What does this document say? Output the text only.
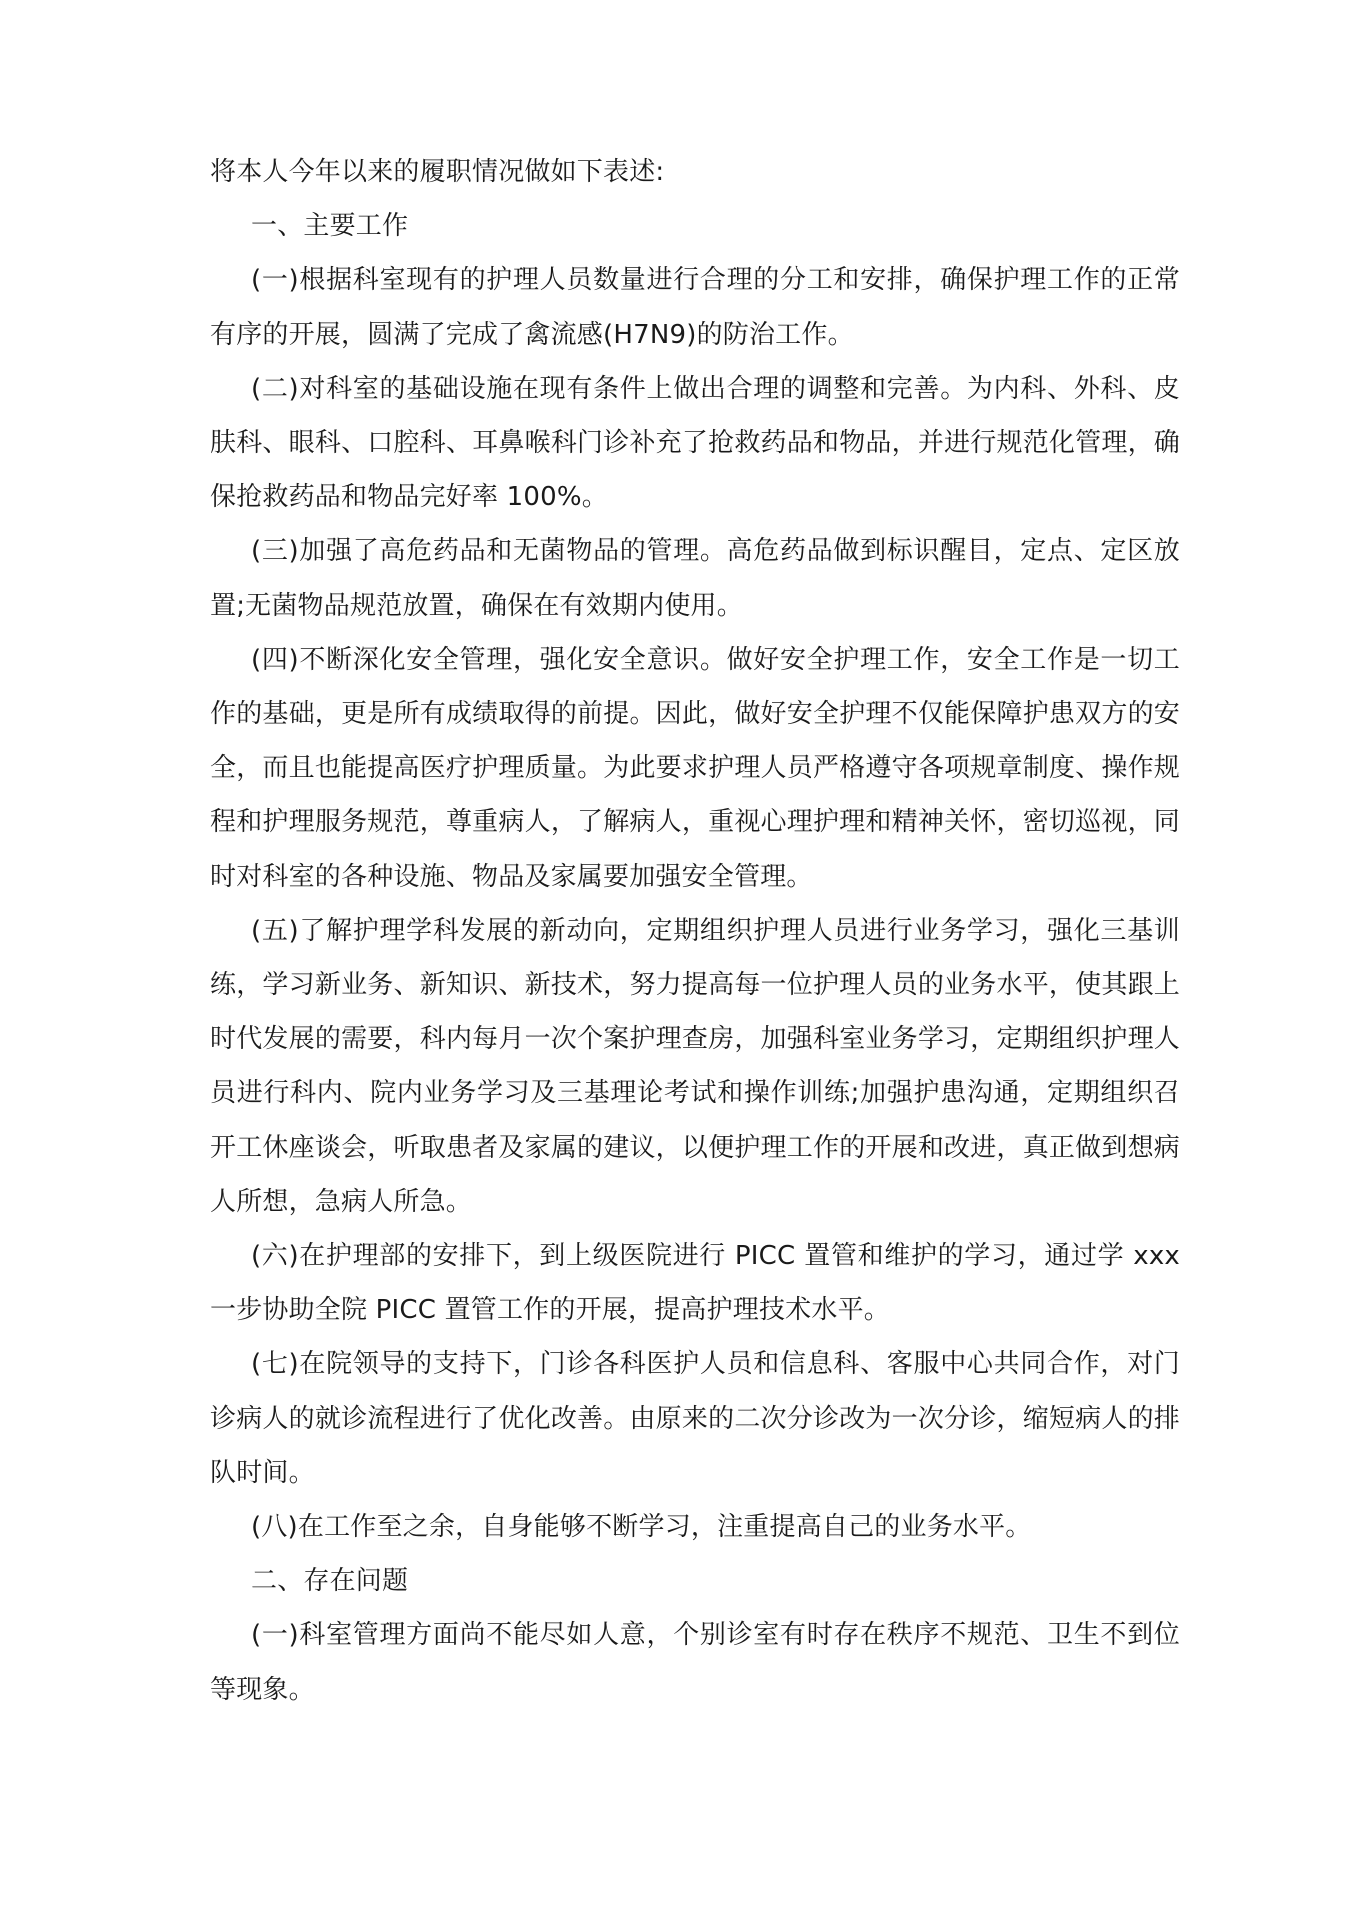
将本人今年以来的履职情况做如下表述:

一、主要工作

(一)根据科室现有的护理人员数量进行合理的分工和安排，确保护理工作的正常有序的开展，圆满了完成了禽流感(H7N9)的防治工作。

(二)对科室的基础设施在现有条件上做出合理的调整和完善。为内科、外科、皮肤科、眼科、口腔科、耳鼻喉科门诊补充了抢救药品和物品，并进行规范化管理，确保抢救药品和物品完好率 100%。

(三)加强了高危药品和无菌物品的管理。高危药品做到标识醒目，定点、定区放置;无菌物品规范放置，确保在有效期内使用。

(四)不断深化安全管理，强化安全意识。做好安全护理工作，安全工作是一切工作的基础，更是所有成绩取得的前提。因此，做好安全护理不仅能保障护患双方的安全，而且也能提高医疗护理质量。为此要求护理人员严格遵守各项规章制度、操作规程和护理服务规范，尊重病人，了解病人，重视心理护理和精神关怀，密切巡视，同时对科室的各种设施、物品及家属要加强安全管理。

(五)了解护理学科发展的新动向，定期组织护理人员进行业务学习，强化三基训练，学习新业务、新知识、新技术，努力提高每一位护理人员的业务水平，使其跟上时代发展的需要，科内每月一次个案护理查房，加强科室业务学习，定期组织护理人员进行科内、院内业务学习及三基理论考试和操作训练;加强护患沟通，定期组织召开工休座谈会，听取患者及家属的建议，以便护理工作的开展和改进，真正做到想病人所想，急病人所急。

(六)在护理部的安排下，到上级医院进行 PICC 置管和维护的学习，通过学 xxx 一步协助全院 PICC 置管工作的开展，提高护理技术水平。

(七)在院领导的支持下，门诊各科医护人员和信息科、客服中心共同合作，对门诊病人的就诊流程进行了优化改善。由原来的二次分诊改为一次分诊，缩短病人的排队时间。

(八)在工作至之余，自身能够不断学习，注重提高自己的业务水平。

二、存在问题

(一)科室管理方面尚不能尽如人意，个别诊室有时存在秩序不规范、卫生不到位等现象。
